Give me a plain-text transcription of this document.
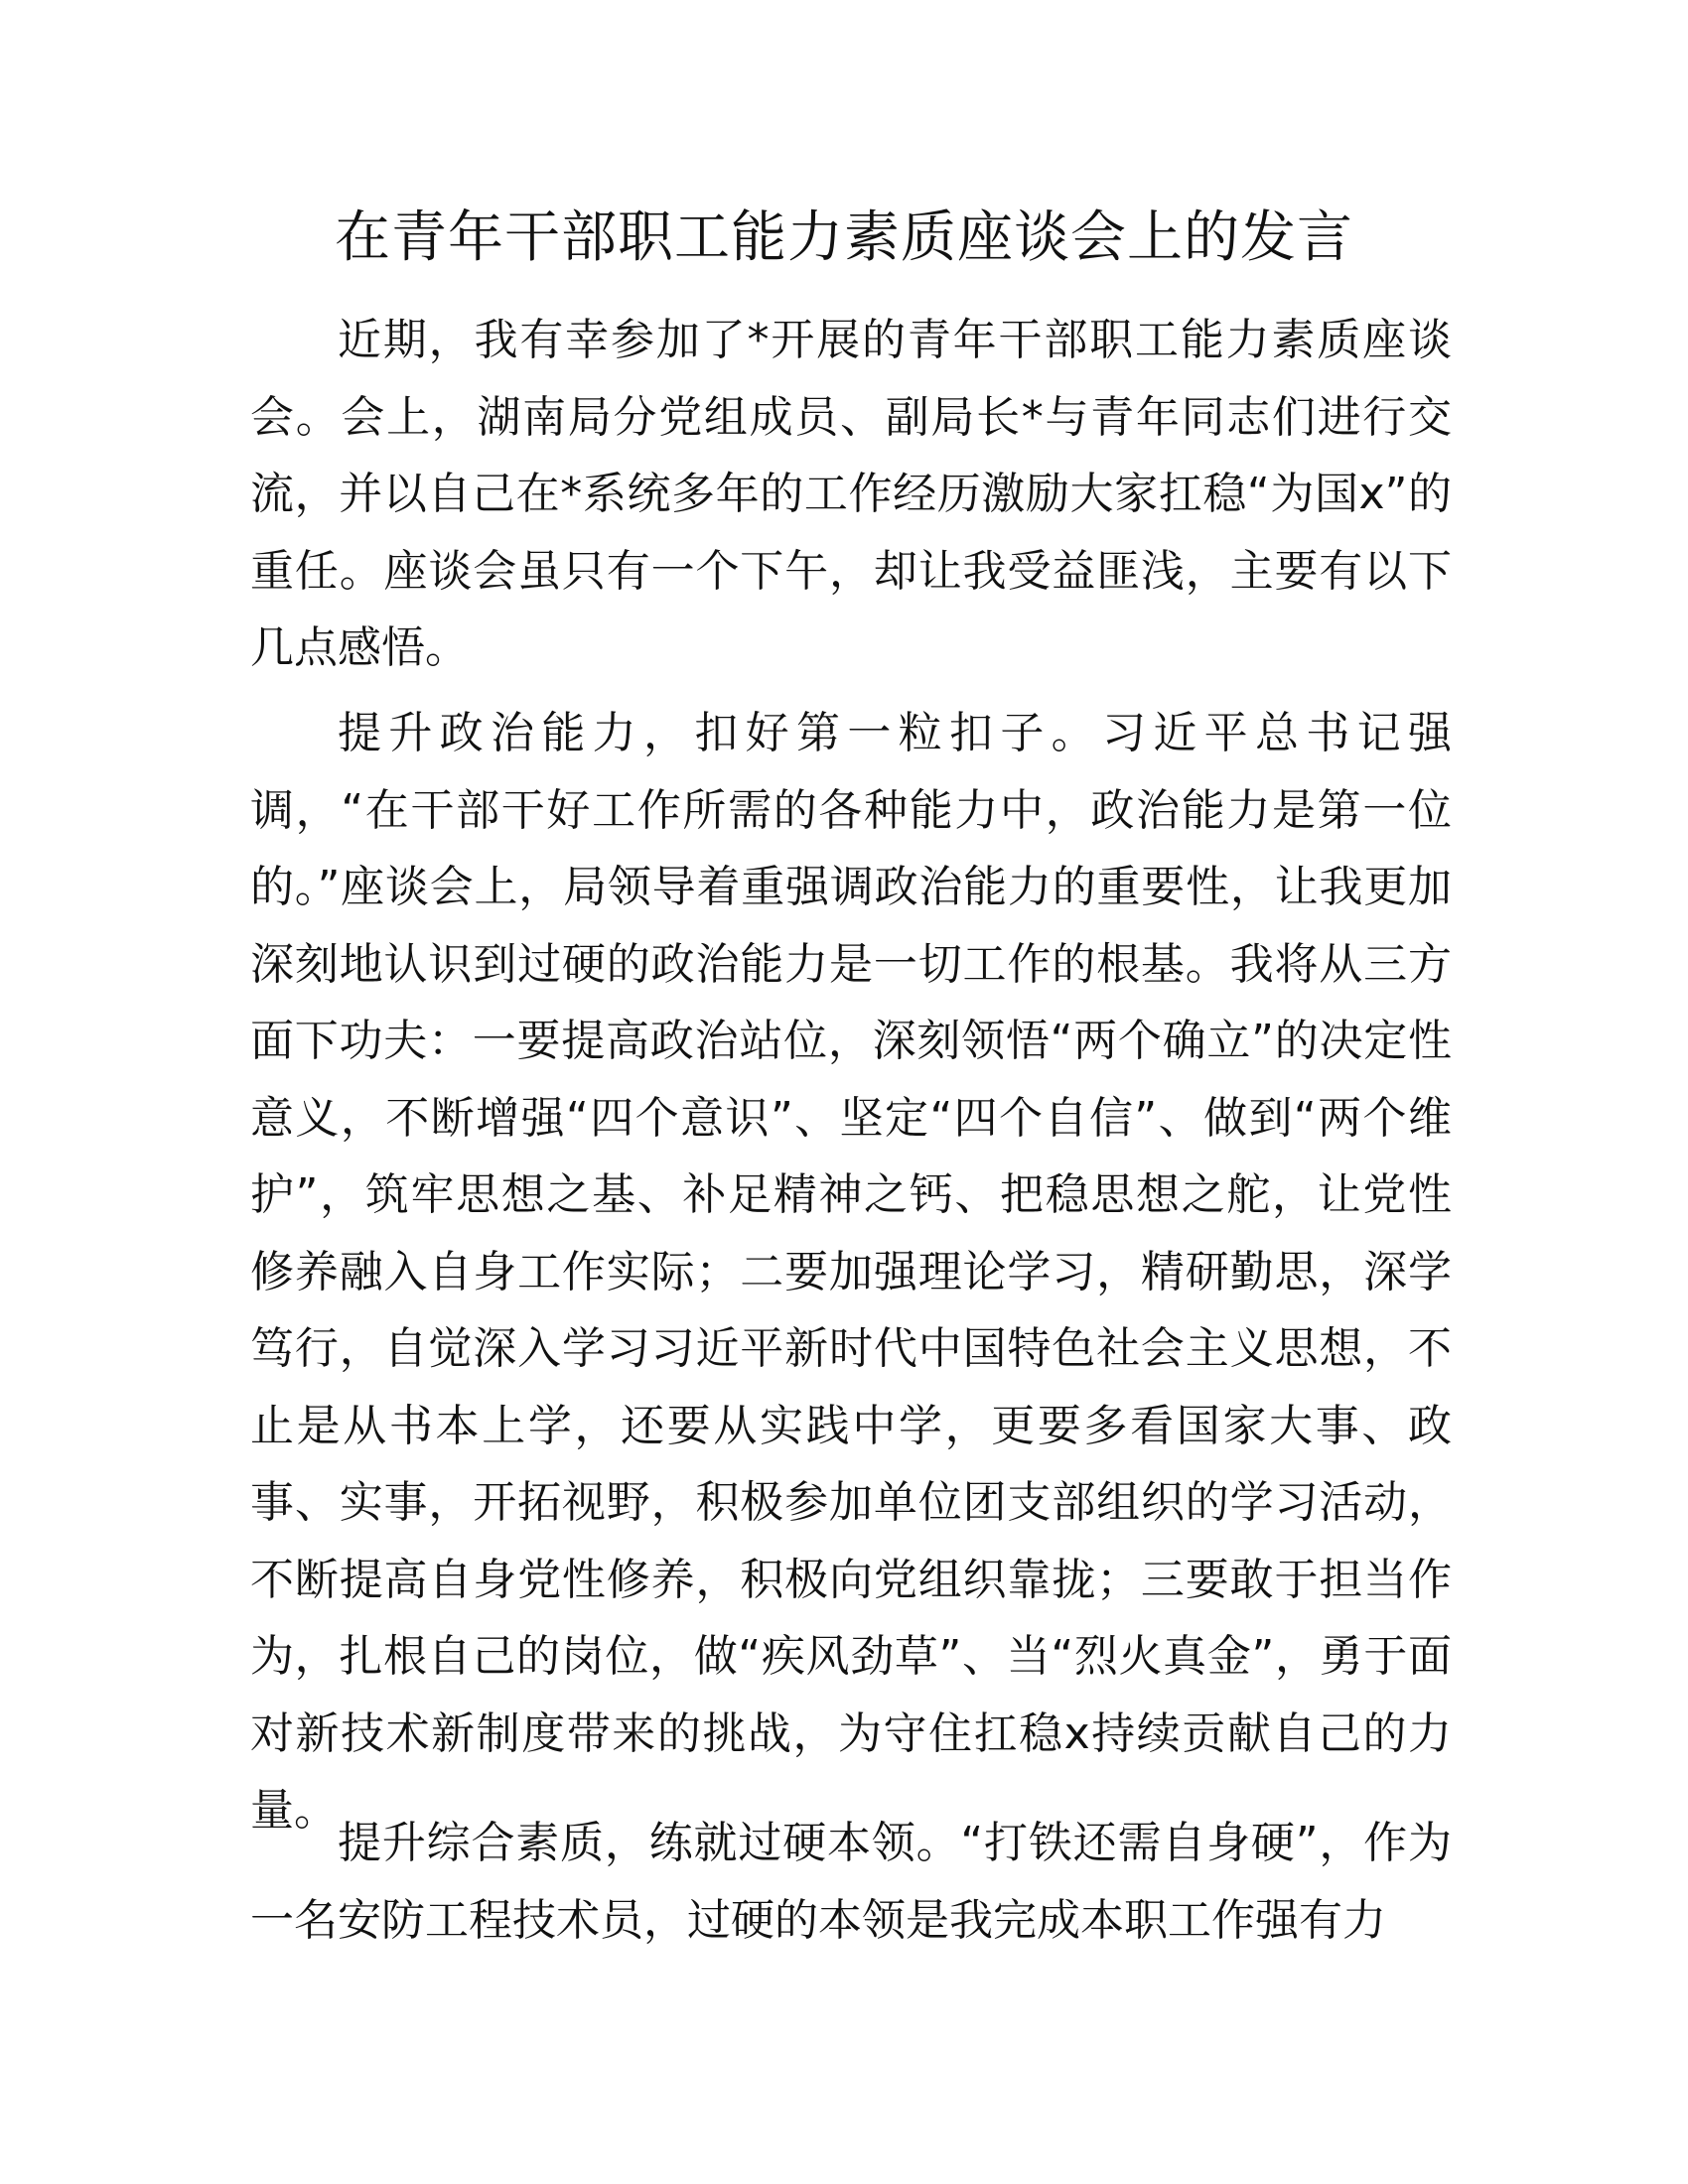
在青年干部职工能力素质座谈会上的发言

近期，我有幸参加了*开展的青年干部职工能力素质座谈会。会上，湖南局分党组成员、副局长*与青年同志们进行交流，并以自己在*系统多年的工作经历激励大家扛稳“为国x”的重任。座谈会虽只有一个下午，却让我受益匪浅，主要有以下几点感悟。

提升政治能力，扣好第一粒扣子。习近平总书记强调，“在干部干好工作所需的各种能力中，政治能力是第一位的。”座谈会上，局领导着重强调政治能力的重要性，让我更加深刻地认识到过硬的政治能力是一切工作的根基。我将从三方面下功夫：一要提高政治站位，深刻领悟“两个确立”的决定性意义，不断增强“四个意识”、坚定“四个自信”、做到“两个维护”，筑牢思想之基、补足精神之钙、把稳思想之舵，让党性修养融入自身工作实际；二要加强理论学习，精研勤思，深学笃行，自觉深入学习习近平新时代中国特色社会主义思想，不止是从书本上学，还要从实践中学，更要多看国家大事、政事、实事，开拓视野，积极参加单位团支部组织的学习活动，不断提高自身党性修养，积极向党组织靠拢；三要敢于担当作为，扎根自己的岗位，做“疾风劲草”、当“烈火真金”，勇于面对新技术新制度带来的挑战，为守住扛稳x持续贡献自己的力量。

提升综合素质，练就过硬本领。“打铁还需自身硬”，作为一名安防工程技术员，过硬的本领是我完成本职工作强有力
